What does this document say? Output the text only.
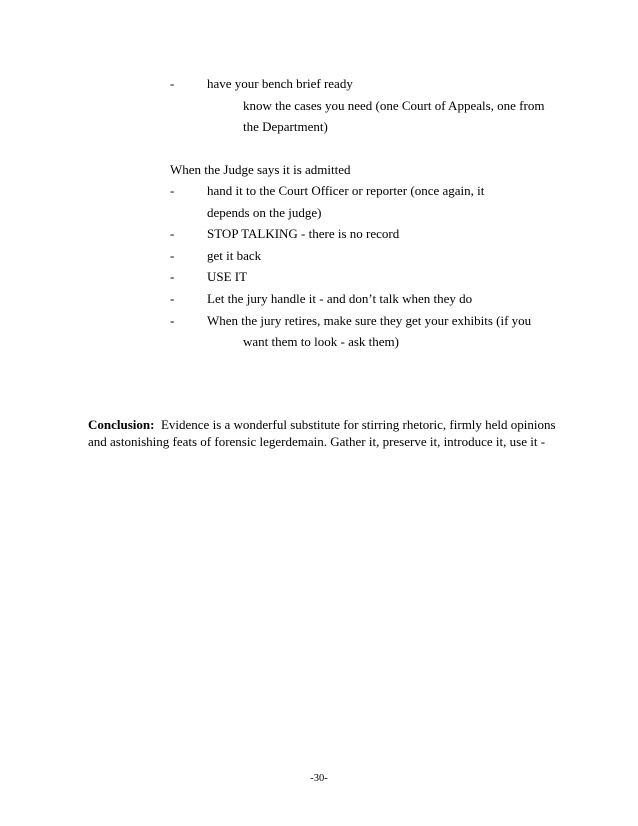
-	have your bench brief ready
know the cases you need (one Court of Appeals, one from
the Department)
When the Judge says it is admitted
-	hand it to the Court Officer or reporter (once again, it
depends on the judge)
-	STOP TALKING - there is no record
-	get it back
-	USE IT
-	Let the jury handle it - and don’t talk when they do
-	When the jury retires, make sure they get your exhibits (if you
want them to look - ask them)
Conclusion: Evidence is a wonderful substitute for stirring rhetoric, firmly held opinions
and astonishing feats of forensic legerdemain. Gather it, preserve it, introduce it, use it -
-30-
